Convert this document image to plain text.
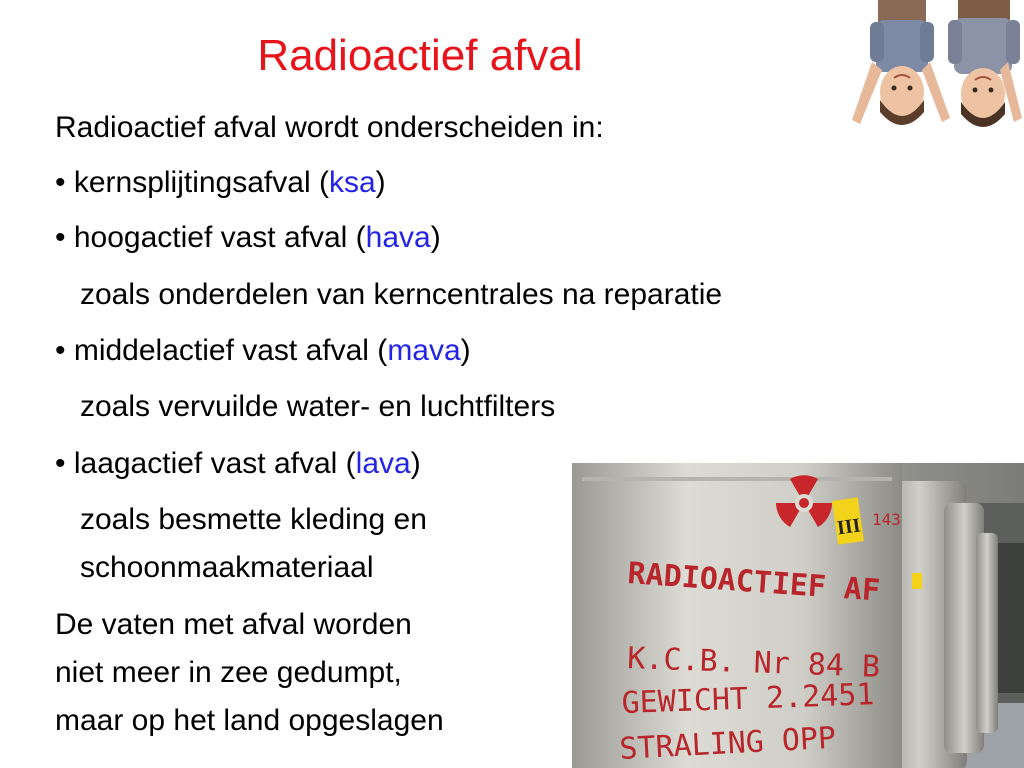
Radioactief afval
Radioactief afval wordt onderscheiden in:
• kernsplijtingsafval (ksa)
• hoogactief vast afval (hava)
zoals onderdelen van kerncentrales na reparatie
• middelactief vast afval (mava)
zoals vervuilde water- en luchtfilters
• laagactief vast afval (lava)
zoals besmette kleding en
schoonmaakmateriaal
De vaten met afval worden
niet meer in zee gedumpt,
maar op het land opgeslagen
III
RADIOACTIEF AF
K.C.B. Nr 84 B
GEWICHT 2.2451
STRALING OPP
143
